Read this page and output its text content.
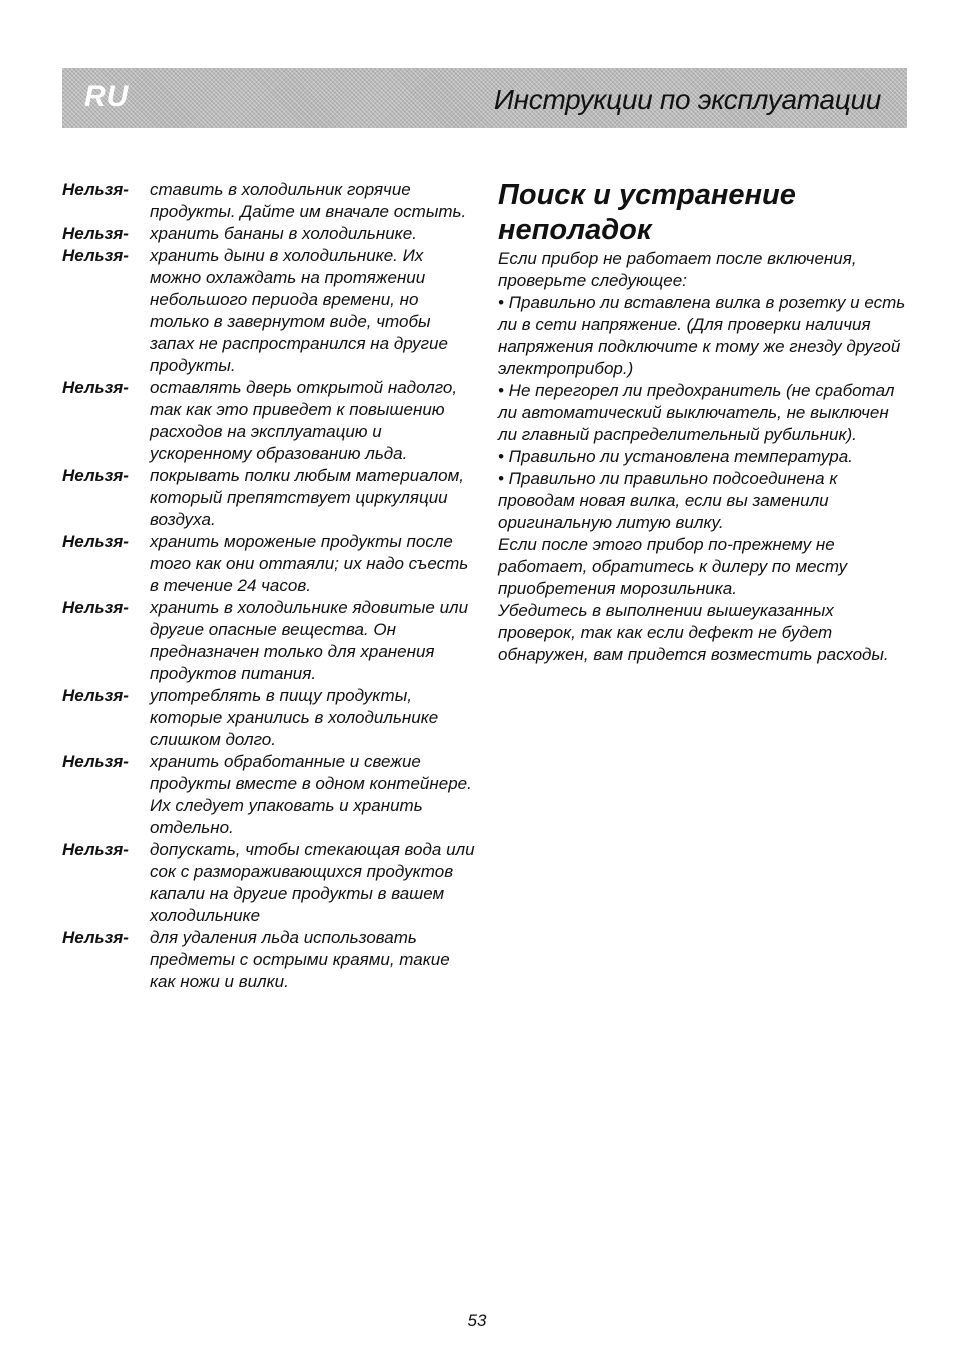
RU	Инструкции по эксплуатации
Нельзя-	ставить в холодильник горячие продукты. Дайте им вначале остыть.
Нельзя-	хранить бананы в холодильнике.
Нельзя-	хранить дыни в холодильнике. Их можно охлаждать на протяжении небольшого периода времени, но только в завернутом виде, чтобы запах не распространился на другие продукты.
Нельзя-	оставлять дверь открытой надолго, так как это приведет к повышению расходов на эксплуатацию и ускоренному образованию льда.
Нельзя-	покрывать полки любым материалом, который препятствует циркуляции воздуха.
Нельзя-	хранить мороженые продукты после того как они оттаяли; их надо съесть в течение 24 часов.
Нельзя-	хранить в холодильнике ядовитые или другие опасные вещества. Он предназначен только для хранения продуктов питания.
Нельзя-	употреблять в пищу продукты, которые хранились в холодильнике слишком долго.
Нельзя-	хранить обработанные и свежие продукты вместе в одном контейнере. Их следует упаковать и хранить отдельно.
Нельзя-	допускать, чтобы стекающая вода или сок с размораживающихся продуктов капали на другие продукты в вашем холодильнике
Нельзя-	для удаления льда использовать предметы с острыми краями, такие как ножи и вилки.
Поиск и устранение неполадок

Если прибор не работает после включения, проверьте следующее:

• Правильно ли вставлена вилка в розетку и есть ли в сети напряжение. (Для проверки наличия напряжения подключите к тому же гнезду другой электроприбор.)

• Не перегорел ли предохранитель (не сработал ли автоматический выключатель, не выключен ли главный распределительный рубильник).

• Правильно ли установлена температура.

• Правильно ли правильно подсоединена к проводам новая вилка, если вы заменили оригинальную литую вилку.

Если после этого прибор по-прежнему не работает, обратитесь к дилеру по месту приобретения морозильника.

Убедитесь в выполнении вышеуказанных проверок, так как если дефект не будет обнаружен, вам придется возместить расходы.

53
